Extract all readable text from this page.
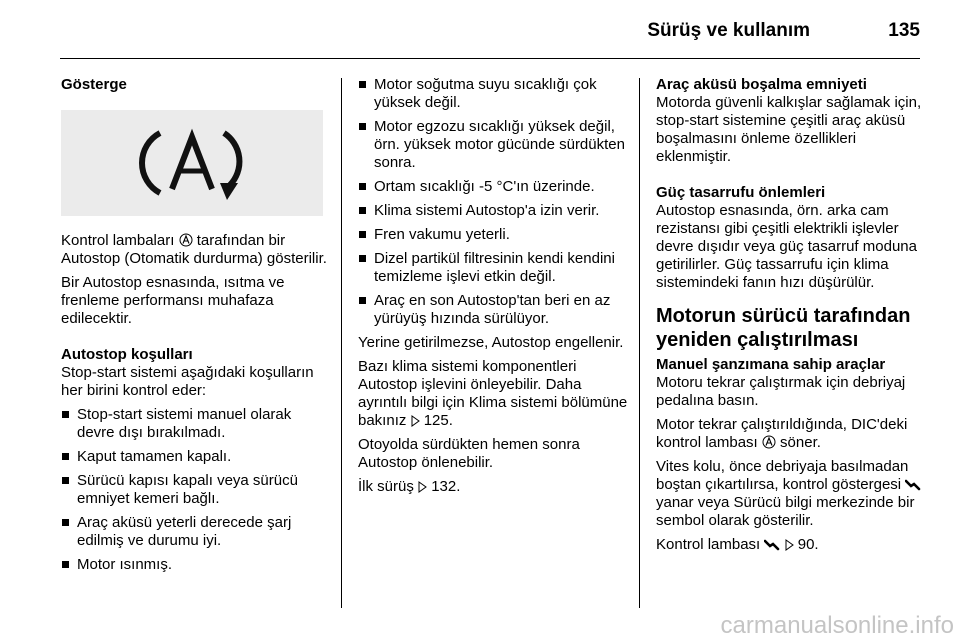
Sürüş ve kullanım	135
Gösterge

Kontrol lambaları  tarafından bir Autostop (Otomatik durdurma) gösterilir.

Bir Autostop esnasında, ısıtma ve frenleme performansı muhafaza edilecektir.

Autostop koşulları

Stop-start sistemi aşağıdaki koşulların her birini kontrol eder:

Stop-start sistemi manuel olarak devre dışı bırakılmadı.
Kaput tamamen kapalı.
Sürücü kapısı kapalı veya sürücü emniyet kemeri bağlı.
Araç aküsü yeterli derecede şarj edilmiş ve durumu iyi.
Motor ısınmış.
Motor soğutma suyu sıcaklığı çok yüksek değil.
Motor egzozu sıcaklığı yüksek değil, örn. yüksek motor gücünde sürdükten sonra.
Ortam sıcaklığı -5 °C'ın üzerinde.
Klima sistemi Autostop'a izin verir.
Fren vakumu yeterli.
Dizel partikül filtresinin kendi kendini temizleme işlevi etkin değil.
Araç en son Autostop'tan beri en az yürüyüş hızında sürülüyor.

Yerine getirilmezse, Autostop engellenir.

Bazı klima sistemi komponentleri Autostop işlevini önleyebilir. Daha ayrıntılı bilgi için Klima sistemi bölümüne bakınız  125.

Otoyolda sürdükten hemen sonra Autostop önlenebilir.

İlk sürüş  132.

Araç aküsü boşalma emniyeti

Motorda güvenli kalkışlar sağlamak için, stop-start sistemine çeşitli araç aküsü boşalmasını önleme özellikleri eklenmiştir.

Güç tasarrufu önlemleri

Autostop esnasında, örn. arka cam rezistansı gibi çeşitli elektrikli işlevler devre dışıdır veya güç tasarruf moduna getirilirler. Güç tassarrufu için klima sistemindeki fanın hızı düşürülür.

Motorun sürücü tarafından yeniden çalıştırılması
Manuel şanzımana sahip araçlar

Motoru tekrar çalıştırmak için debriyaj pedalına basın.

Motor tekrar çalıştırıldığında, DIC'deki kontrol lambası  söner.

Vites kolu, önce debriyaja basılmadan boştan çıkartılırsa, kontrol göstergesi  yanar veya Sürücü bilgi merkezinde bir sembol olarak gösterilir.

Kontrol lambası   90.

carmanualsonline.info
